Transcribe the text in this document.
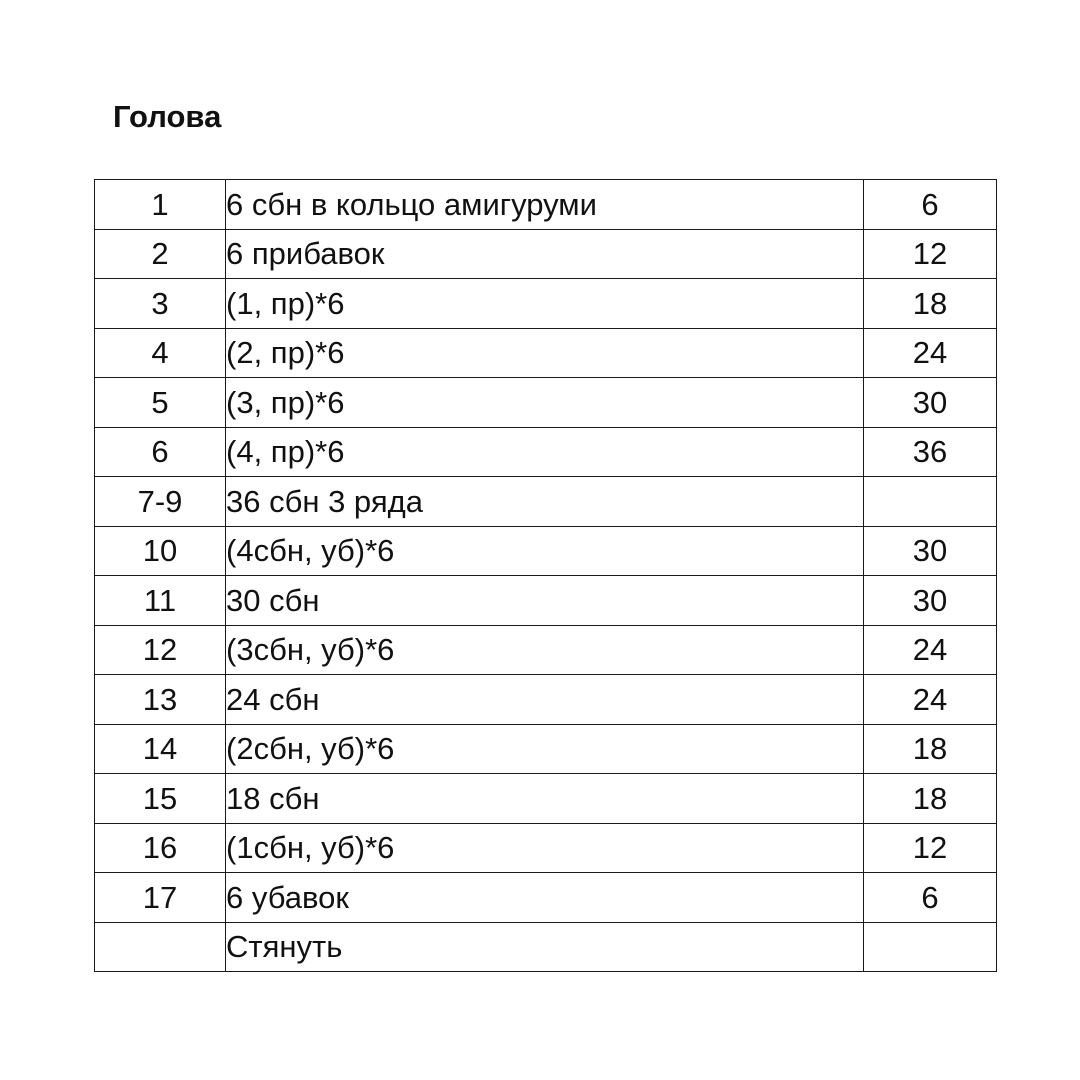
Голова
1	6 сбн в кольцо амигуруми	6
2	6 прибавок	12
3	(1, пр)*6	18
4	(2, пр)*6	24
5	(3, пр)*6	30
6	(4, пр)*6	36
7-9	36 сбн 3 ряда	
10	(4сбн, уб)*6	30
11	30 сбн	30
12	(3сбн, уб)*6	24
13	24 сбн	24
14	(2сбн, уб)*6	18
15	18 сбн	18
16	(1сбн, уб)*6	12
17	6 убавок	6
	Стянуть	
